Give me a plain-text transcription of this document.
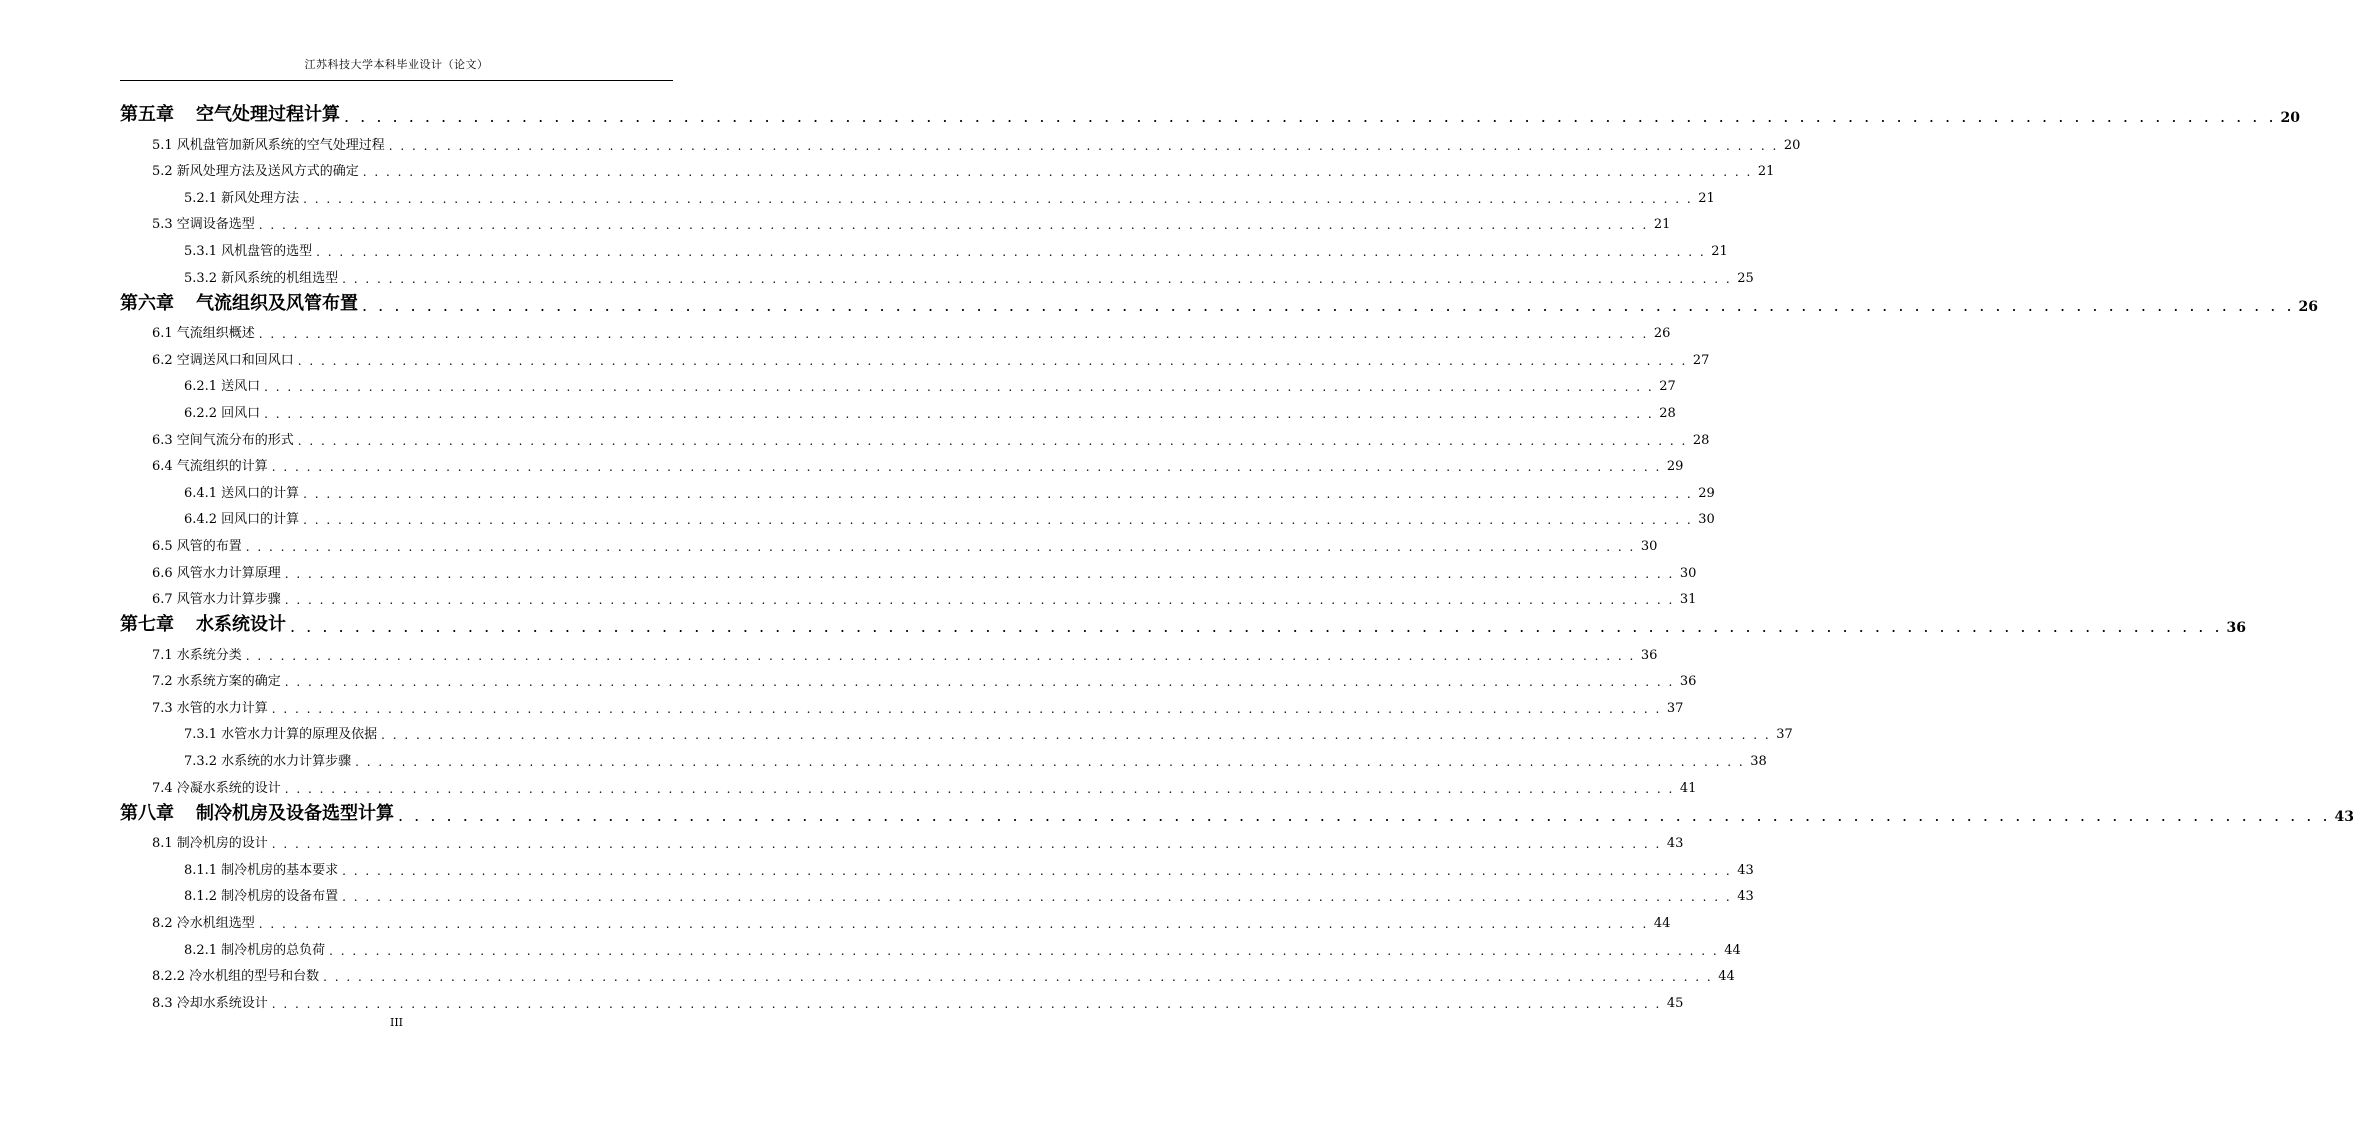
江苏科技大学本科毕业设计（论文）
第五章 空气处理过程计算 . . . . . . . . . . . . . . . . . . . . . . . . . . . . . . . . . . . . . . . . . . . . . . . . . . . . . . . . . . . . . . . . . . . . . . . . . . . . . . . . . . . . . . . . . . . . . . . . . . . . . . . . . . . . . . . . . . . . . . . . 20
5.1 风机盘管加新风系统的空气处理过程 . . . . . . . . . . . . . . . . . . . . . . . . . . . . . . . . . . . . . . . . . . . . . . . . . . . . . . . . . . . . . . . . . . . . . . . . . . . . . . . . . . . . . . . . . . . . . . . . . . . . . . . . . . . . . . . . . . . . . . . . 20
5.2 新风处理方法及送风方式的确定 . . . . . . . . . . . . . . . . . . . . . . . . . . . . . . . . . . . . . . . . . . . . . . . . . . . . . . . . . . . . . . . . . . . . . . . . . . . . . . . . . . . . . . . . . . . . . . . . . . . . . . . . . . . . . . . . . . . . . . . . 21
5.2.1 新风处理方法 . . . . . . . . . . . . . . . . . . . . . . . . . . . . . . . . . . . . . . . . . . . . . . . . . . . . . . . . . . . . . . . . . . . . . . . . . . . . . . . . . . . . . . . . . . . . . . . . . . . . . . . . . . . . . . . . . . . . . . . . 21
5.3 空调设备选型 . . . . . . . . . . . . . . . . . . . . . . . . . . . . . . . . . . . . . . . . . . . . . . . . . . . . . . . . . . . . . . . . . . . . . . . . . . . . . . . . . . . . . . . . . . . . . . . . . . . . . . . . . . . . . . . . . . . . . . . . 21
5.3.1 风机盘管的选型 . . . . . . . . . . . . . . . . . . . . . . . . . . . . . . . . . . . . . . . . . . . . . . . . . . . . . . . . . . . . . . . . . . . . . . . . . . . . . . . . . . . . . . . . . . . . . . . . . . . . . . . . . . . . . . . . . . . . . . . . 21
5.3.2 新风系统的机组选型 . . . . . . . . . . . . . . . . . . . . . . . . . . . . . . . . . . . . . . . . . . . . . . . . . . . . . . . . . . . . . . . . . . . . . . . . . . . . . . . . . . . . . . . . . . . . . . . . . . . . . . . . . . . . . . . . . . . . . . . . 25
第六章 气流组织及风管布置 . . . . . . . . . . . . . . . . . . . . . . . . . . . . . . . . . . . . . . . . . . . . . . . . . . . . . . . . . . . . . . . . . . . . . . . . . . . . . . . . . . . . . . . . . . . . . . . . . . . . . . . . . . . . . . . . . . . . . . . . 26
6.1 气流组织概述 . . . . . . . . . . . . . . . . . . . . . . . . . . . . . . . . . . . . . . . . . . . . . . . . . . . . . . . . . . . . . . . . . . . . . . . . . . . . . . . . . . . . . . . . . . . . . . . . . . . . . . . . . . . . . . . . . . . . . . . . 26
6.2 空调送风口和回风口 . . . . . . . . . . . . . . . . . . . . . . . . . . . . . . . . . . . . . . . . . . . . . . . . . . . . . . . . . . . . . . . . . . . . . . . . . . . . . . . . . . . . . . . . . . . . . . . . . . . . . . . . . . . . . . . . . . . . . . . . 27
6.2.1 送风口 . . . . . . . . . . . . . . . . . . . . . . . . . . . . . . . . . . . . . . . . . . . . . . . . . . . . . . . . . . . . . . . . . . . . . . . . . . . . . . . . . . . . . . . . . . . . . . . . . . . . . . . . . . . . . . . . . . . . . . . . 27
6.2.2 回风口 . . . . . . . . . . . . . . . . . . . . . . . . . . . . . . . . . . . . . . . . . . . . . . . . . . . . . . . . . . . . . . . . . . . . . . . . . . . . . . . . . . . . . . . . . . . . . . . . . . . . . . . . . . . . . . . . . . . . . . . . 28
6.3 空间气流分布的形式 . . . . . . . . . . . . . . . . . . . . . . . . . . . . . . . . . . . . . . . . . . . . . . . . . . . . . . . . . . . . . . . . . . . . . . . . . . . . . . . . . . . . . . . . . . . . . . . . . . . . . . . . . . . . . . . . . . . . . . . . 28
6.4 气流组织的计算 . . . . . . . . . . . . . . . . . . . . . . . . . . . . . . . . . . . . . . . . . . . . . . . . . . . . . . . . . . . . . . . . . . . . . . . . . . . . . . . . . . . . . . . . . . . . . . . . . . . . . . . . . . . . . . . . . . . . . . . . 29
6.4.1 送风口的计算 . . . . . . . . . . . . . . . . . . . . . . . . . . . . . . . . . . . . . . . . . . . . . . . . . . . . . . . . . . . . . . . . . . . . . . . . . . . . . . . . . . . . . . . . . . . . . . . . . . . . . . . . . . . . . . . . . . . . . . . . 29
6.4.2 回风口的计算 . . . . . . . . . . . . . . . . . . . . . . . . . . . . . . . . . . . . . . . . . . . . . . . . . . . . . . . . . . . . . . . . . . . . . . . . . . . . . . . . . . . . . . . . . . . . . . . . . . . . . . . . . . . . . . . . . . . . . . . . 30
6.5 风管的布置 . . . . . . . . . . . . . . . . . . . . . . . . . . . . . . . . . . . . . . . . . . . . . . . . . . . . . . . . . . . . . . . . . . . . . . . . . . . . . . . . . . . . . . . . . . . . . . . . . . . . . . . . . . . . . . . . . . . . . . . . 30
6.6 风管水力计算原理 . . . . . . . . . . . . . . . . . . . . . . . . . . . . . . . . . . . . . . . . . . . . . . . . . . . . . . . . . . . . . . . . . . . . . . . . . . . . . . . . . . . . . . . . . . . . . . . . . . . . . . . . . . . . . . . . . . . . . . . . 30
6.7 风管水力计算步骤 . . . . . . . . . . . . . . . . . . . . . . . . . . . . . . . . . . . . . . . . . . . . . . . . . . . . . . . . . . . . . . . . . . . . . . . . . . . . . . . . . . . . . . . . . . . . . . . . . . . . . . . . . . . . . . . . . . . . . . . . 31
第七章 水系统设计 . . . . . . . . . . . . . . . . . . . . . . . . . . . . . . . . . . . . . . . . . . . . . . . . . . . . . . . . . . . . . . . . . . . . . . . . . . . . . . . . . . . . . . . . . . . . . . . . . . . . . . . . . . . . . . . . . . . . . . . . 36
7.1 水系统分类 . . . . . . . . . . . . . . . . . . . . . . . . . . . . . . . . . . . . . . . . . . . . . . . . . . . . . . . . . . . . . . . . . . . . . . . . . . . . . . . . . . . . . . . . . . . . . . . . . . . . . . . . . . . . . . . . . . . . . . . . 36
7.2 水系统方案的确定 . . . . . . . . . . . . . . . . . . . . . . . . . . . . . . . . . . . . . . . . . . . . . . . . . . . . . . . . . . . . . . . . . . . . . . . . . . . . . . . . . . . . . . . . . . . . . . . . . . . . . . . . . . . . . . . . . . . . . . . . 36
7.3 水管的水力计算 . . . . . . . . . . . . . . . . . . . . . . . . . . . . . . . . . . . . . . . . . . . . . . . . . . . . . . . . . . . . . . . . . . . . . . . . . . . . . . . . . . . . . . . . . . . . . . . . . . . . . . . . . . . . . . . . . . . . . . . . 37
7.3.1 水管水力计算的原理及依据 . . . . . . . . . . . . . . . . . . . . . . . . . . . . . . . . . . . . . . . . . . . . . . . . . . . . . . . . . . . . . . . . . . . . . . . . . . . . . . . . . . . . . . . . . . . . . . . . . . . . . . . . . . . . . . . . . . . . . . . . 37
7.3.2 水系统的水力计算步骤 . . . . . . . . . . . . . . . . . . . . . . . . . . . . . . . . . . . . . . . . . . . . . . . . . . . . . . . . . . . . . . . . . . . . . . . . . . . . . . . . . . . . . . . . . . . . . . . . . . . . . . . . . . . . . . . . . . . . . . . . 38
7.4 冷凝水系统的设计 . . . . . . . . . . . . . . . . . . . . . . . . . . . . . . . . . . . . . . . . . . . . . . . . . . . . . . . . . . . . . . . . . . . . . . . . . . . . . . . . . . . . . . . . . . . . . . . . . . . . . . . . . . . . . . . . . . . . . . . . 41
第八章 制冷机房及设备选型计算 . . . . . . . . . . . . . . . . . . . . . . . . . . . . . . . . . . . . . . . . . . . . . . . . . . . . . . . . . . . . . . . . . . . . . . . . . . . . . . . . . . . . . . . . . . . . . . . . . . . . . . . . . . . . . . . . . . . . . . . . 43
8.1 制冷机房的设计 . . . . . . . . . . . . . . . . . . . . . . . . . . . . . . . . . . . . . . . . . . . . . . . . . . . . . . . . . . . . . . . . . . . . . . . . . . . . . . . . . . . . . . . . . . . . . . . . . . . . . . . . . . . . . . . . . . . . . . . . 43
8.1.1 制冷机房的基本要求 . . . . . . . . . . . . . . . . . . . . . . . . . . . . . . . . . . . . . . . . . . . . . . . . . . . . . . . . . . . . . . . . . . . . . . . . . . . . . . . . . . . . . . . . . . . . . . . . . . . . . . . . . . . . . . . . . . . . . . . . 43
8.1.2 制冷机房的设备布置 . . . . . . . . . . . . . . . . . . . . . . . . . . . . . . . . . . . . . . . . . . . . . . . . . . . . . . . . . . . . . . . . . . . . . . . . . . . . . . . . . . . . . . . . . . . . . . . . . . . . . . . . . . . . . . . . . . . . . . . . 43
8.2 冷水机组选型 . . . . . . . . . . . . . . . . . . . . . . . . . . . . . . . . . . . . . . . . . . . . . . . . . . . . . . . . . . . . . . . . . . . . . . . . . . . . . . . . . . . . . . . . . . . . . . . . . . . . . . . . . . . . . . . . . . . . . . . . 44
8.2.1 制冷机房的总负荷 . . . . . . . . . . . . . . . . . . . . . . . . . . . . . . . . . . . . . . . . . . . . . . . . . . . . . . . . . . . . . . . . . . . . . . . . . . . . . . . . . . . . . . . . . . . . . . . . . . . . . . . . . . . . . . . . . . . . . . . . 44
8.2.2 冷水机组的型号和台数 . . . . . . . . . . . . . . . . . . . . . . . . . . . . . . . . . . . . . . . . . . . . . . . . . . . . . . . . . . . . . . . . . . . . . . . . . . . . . . . . . . . . . . . . . . . . . . . . . . . . . . . . . . . . . . . . . . . . . . . . 44
8.3 冷却水系统设计 . . . . . . . . . . . . . . . . . . . . . . . . . . . . . . . . . . . . . . . . . . . . . . . . . . . . . . . . . . . . . . . . . . . . . . . . . . . . . . . . . . . . . . . . . . . . . . . . . . . . . . . . . . . . . . . . . . . . . . . . 45
III
